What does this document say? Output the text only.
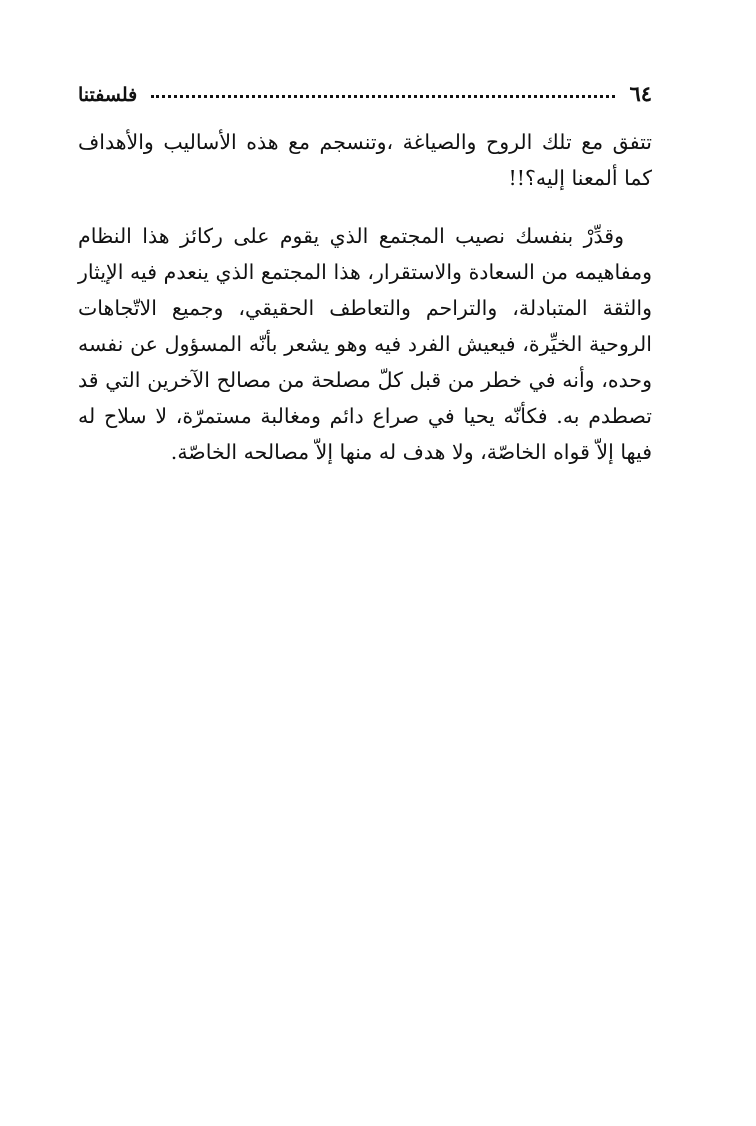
٦٤
فلسفتنا

تتفق مع تلك الروح والصياغة ،وتنسجم مع هذه الأساليب والأهداف كما ألمعنا إليه؟!!

وقدِّرْ بنفسك نصيب المجتمع الذي يقوم على ركائز هذا النظام ومفاهيمه من السعادة والاستقرار، هذا المجتمع الذي ينعدم فيه الإيثار والثقة المتبادلة، والتراحم والتعاطف الحقيقي، وجميع الاتّجاهات الروحية الخيِّرة، فيعيش الفرد فيه وهو يشعر بأنّه المسؤول عن نفسه وحده، وأنه في خطر من قبل كلّ مصلحة من مصالح الآخرين التي قد تصطدم به. فكأنّه يحيا في صراع دائم ومغالبة مستمرّة، لا سلاح له فيها إلاّ قواه الخاصّة، ولا هدف له منها إلاّ مصالحه الخاصّة.
